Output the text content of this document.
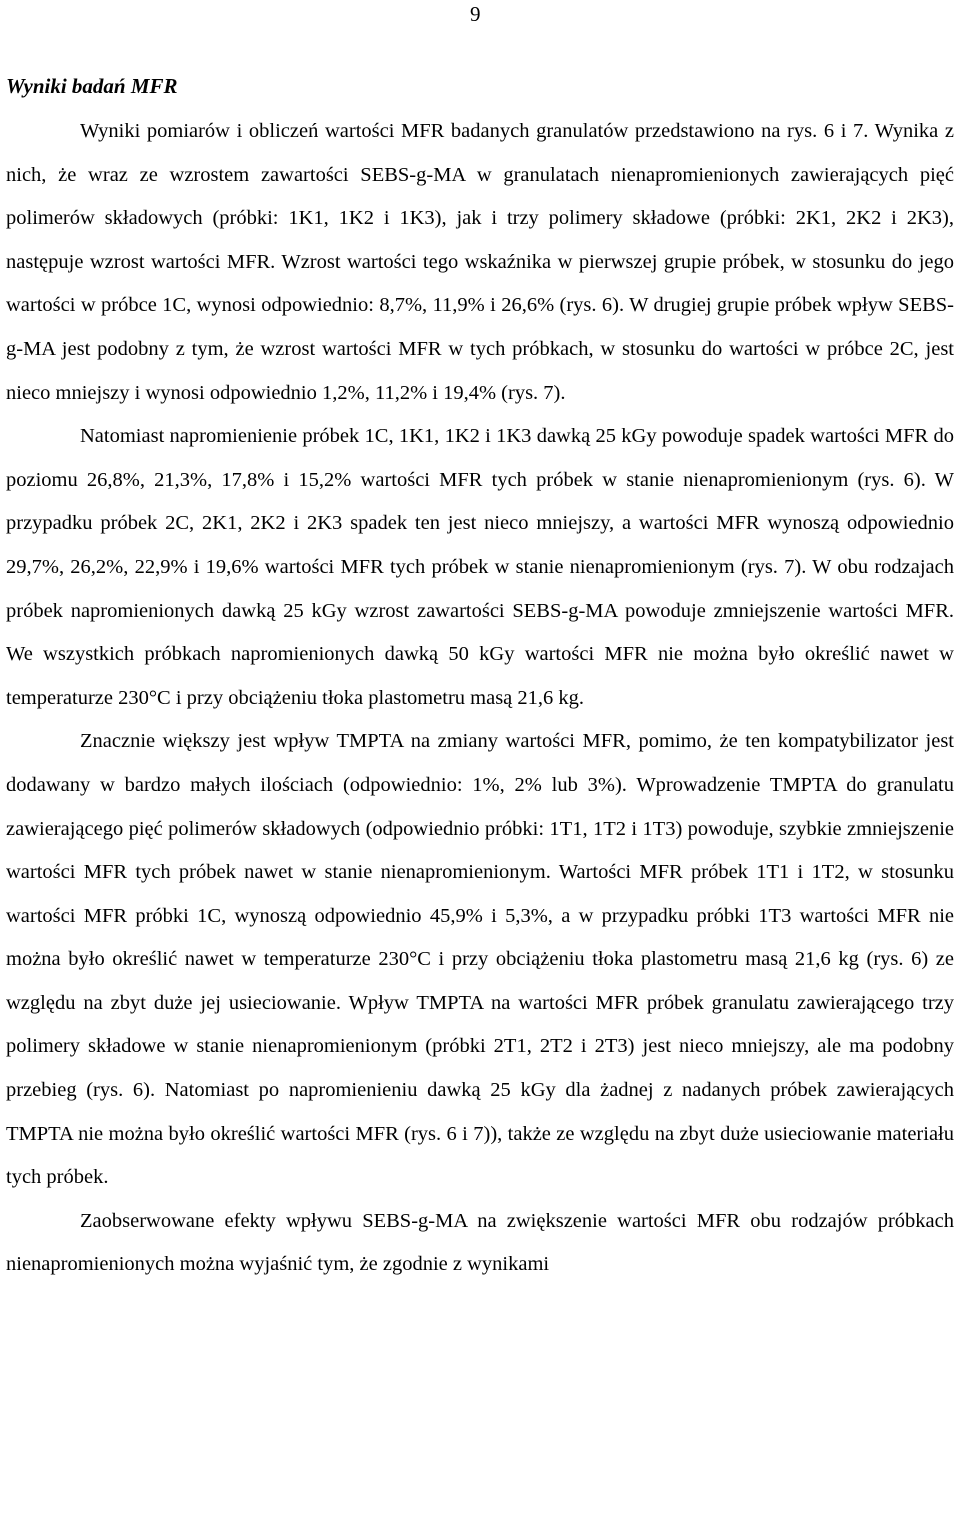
9
Wyniki badań MFR

Wyniki pomiarów i obliczeń wartości MFR badanych granulatów przedstawiono na rys. 6 i 7. Wynika z nich, że wraz ze wzrostem zawartości SEBS-g-MA w granulatach nienapromienionych zawierających pięć polimerów składowych (próbki: 1K1, 1K2 i 1K3), jak i trzy polimery składowe (próbki: 2K1, 2K2 i 2K3), następuje wzrost wartości MFR. Wzrost wartości tego wskaźnika w pierwszej grupie próbek, w stosunku do jego wartości w próbce 1C, wynosi odpowiednio: 8,7%, 11,9% i 26,6% (rys. 6). W drugiej grupie próbek wpływ SEBS-g-MA jest podobny z tym, że wzrost wartości MFR w tych próbkach, w stosunku do wartości w próbce 2C, jest nieco mniejszy i wynosi odpowiednio 1,2%, 11,2% i 19,4% (rys. 7).

Natomiast napromienienie próbek 1C, 1K1, 1K2 i 1K3 dawką 25 kGy powoduje spadek wartości MFR do poziomu 26,8%, 21,3%, 17,8% i 15,2% wartości MFR tych próbek w stanie nienapromienionym (rys. 6). W przypadku próbek 2C, 2K1, 2K2 i 2K3 spadek ten jest nieco mniejszy, a wartości MFR wynoszą odpowiednio 29,7%, 26,2%, 22,9% i 19,6% wartości MFR tych próbek w stanie nienapromienionym (rys. 7). W obu rodzajach próbek napromienionych dawką 25 kGy wzrost zawartości SEBS-g-MA powoduje zmniejszenie wartości MFR. We wszystkich próbkach napromienionych dawką 50 kGy wartości MFR nie można było określić nawet w temperaturze 230°C i przy obciążeniu tłoka plastometru masą 21,6 kg.

Znacznie większy jest wpływ TMPTA na zmiany wartości MFR, pomimo, że ten kompatybilizator jest dodawany w bardzo małych ilościach (odpowiednio: 1%, 2% lub 3%). Wprowadzenie TMPTA do granulatu zawierającego pięć polimerów składowych (odpowiednio próbki: 1T1, 1T2 i 1T3) powoduje, szybkie zmniejszenie wartości MFR tych próbek nawet w stanie nienapromienionym. Wartości MFR próbek 1T1 i 1T2, w stosunku wartości MFR próbki 1C, wynoszą odpowiednio 45,9% i 5,3%, a w przypadku próbki 1T3 wartości MFR nie można było określić nawet w temperaturze 230°C i przy obciążeniu tłoka plastometru masą 21,6 kg (rys. 6) ze względu na zbyt duże jej usieciowanie. Wpływ TMPTA na wartości MFR próbek granulatu zawierającego trzy polimery składowe w stanie nienapromienionym (próbki 2T1, 2T2 i 2T3) jest nieco mniejszy, ale ma podobny przebieg (rys. 6). Natomiast po napromienieniu dawką 25 kGy dla żadnej z nadanych próbek zawierających TMPTA nie można było określić wartości MFR (rys. 6 i 7)), także ze względu na zbyt duże usieciowanie materiału tych próbek.

Zaobserwowane efekty wpływu SEBS-g-MA na zwiększenie wartości MFR obu rodzajów próbkach nienapromienionych można wyjaśnić tym, że zgodnie z wynikami
